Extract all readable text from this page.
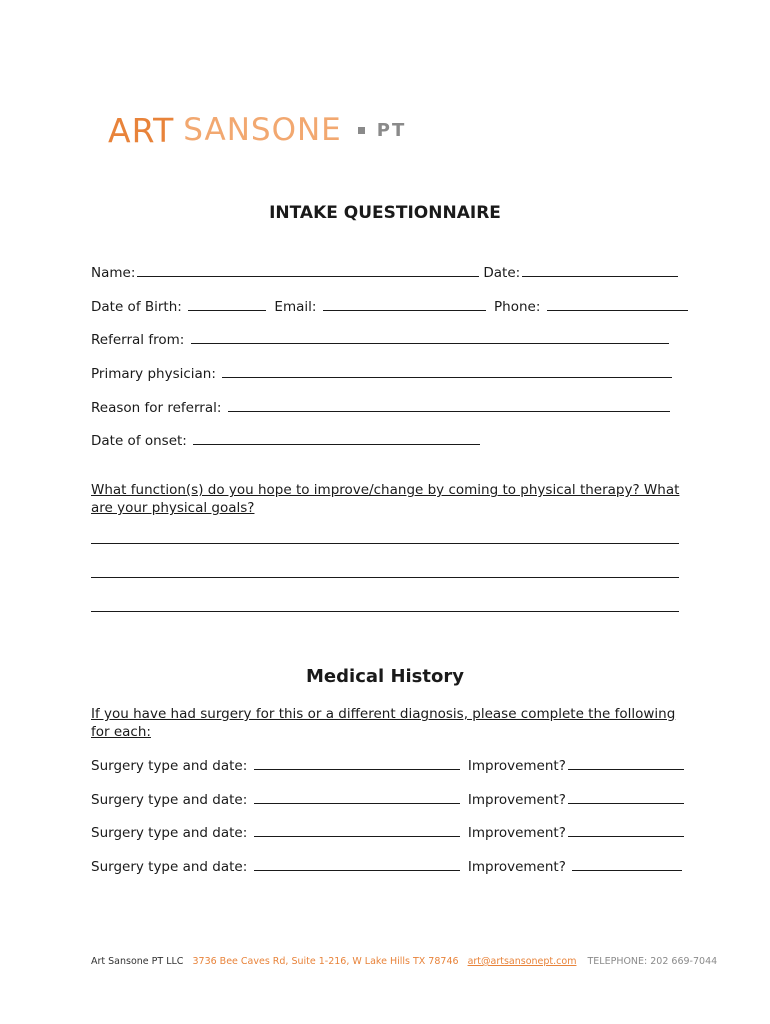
ART SANSONE PT
INTAKE QUESTIONNAIRE
Name:	Date:
Date of Birth:	Email:	Phone:
Referral from:
Primary physician:
Reason for referral:
Date of onset:

What function(s) do you hope to improve/change by coming to physical therapy? What are your physical goals?

Medical History

If you have had surgery for this or a different diagnosis, please complete the following for each:

Surgery type and date:	Improvement?
Surgery type and date:	Improvement?
Surgery type and date:	Improvement?
Surgery type and date:	Improvement?
Art Sansone PT LLC 3736 Bee Caves Rd, Suite 1-216, W Lake Hills TX 78746 art@artsansonept.com TELEPHONE: 202 669-7044
